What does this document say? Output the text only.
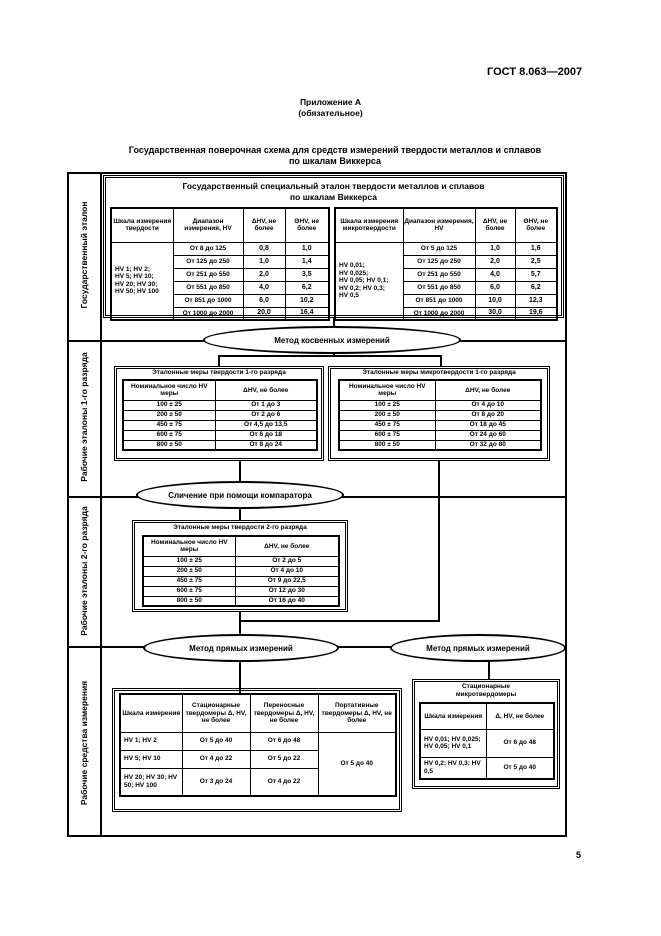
ГОСТ 8.063—2007
Приложение А
(обязательное)
Государственная поверочная схема для средств измерений твердости металлов и сплавов
по шкалам Виккерса
Государственный эталон
Рабочие эталоны 1-го разряда
Рабочие эталоны 2-го разряда
Рабочие средства измерения
Государственный специальный эталон твердости металлов и сплавов
по шкалам Виккерса
Шкала измерения твердости	Диапазон измерения, HV	ΔHV, не более	ΘHV, не более

HV 1; HV 2;
HV 5; HV 10;
HV 20; HV 30;
HV 50; HV 100	От 8 до 125	0,8	1,0
	От 125 до 250	1,0	1,4
	От 251 до 550	2,0	3,5
	От 551 до 850	4,0	6,2
	От 851 до 1000	6,0	10,2
	От 1000 до 2000	20,0	16,4
Шкала измерения микротвердости	Диапазон измерения, HV	ΔHV, не более	ΘHV, не более

HV 0,01;
HV 0,025;
HV 0,05; HV 0,1;
HV 0,2; HV 0,3;
HV 0,5	От 5 до 125	1,0	1,6
	От 125 до 250	2,0	2,5
	От 251 до 550	4,0	5,7
	От 551 до 850	6,0	6,2
	От 851 до 1000	10,0	12,3
	От 1000 до 2000	30,0	19,6
Метод косвенных измерений
Эталонные меры твердости 1-го разряда
Номинальное число HV меры	ΔHV, не более
100 ± 25	От 1 до 3
200 ± 50	От 2 до 6
450 ± 75	От 4,5 до 13,5
600 ± 75	От 6 до 18
800 ± 50	От 8 до 24
Эталонные меры микротвердости 1-го разряда
Номинальное число HV меры	ΔHV, не более
100 ± 25	От 4 до 10
200 ± 50	От 8 до 20
450 ± 75	От 18 до 45
600 ± 75	От 24 до 60
800 ± 50	От 32 до 80
Сличение при помощи компаратора
Эталонные меры твердости 2-го разряда
Номинальное число HV меры	ΔHV, не более
100 ± 25	От 2 до 5
200 ± 50	От 4 до 10
450 ± 75	От 9 до 22,5
600 ± 75	От 12 до 30
800 ± 50	От 16 до 40
Метод прямых измерений	Метод прямых измерений
Шкала измерения	Стационарные твердомеры Δ, HV, не более	Переносные твердомеры Δ, HV, не более	Портативные твердомеры Δ, HV, не более
HV 1; HV 2	От 5 до 40	От 6 до 48	От 5 до 40
HV 5; HV 10	От 4 до 22	От 5 до 22	
HV 20; HV 30; HV 50; HV 100	От 3 до 24	От 4 до 22	
Стационарные микротвердомеры
Шкала измерения	Δ, HV, не более
HV 0,01; HV 0,025; HV 0,05; HV 0,1	От 6 до 48
HV 0,2; HV 0,3; HV 0,5	От 5 до 40
5
